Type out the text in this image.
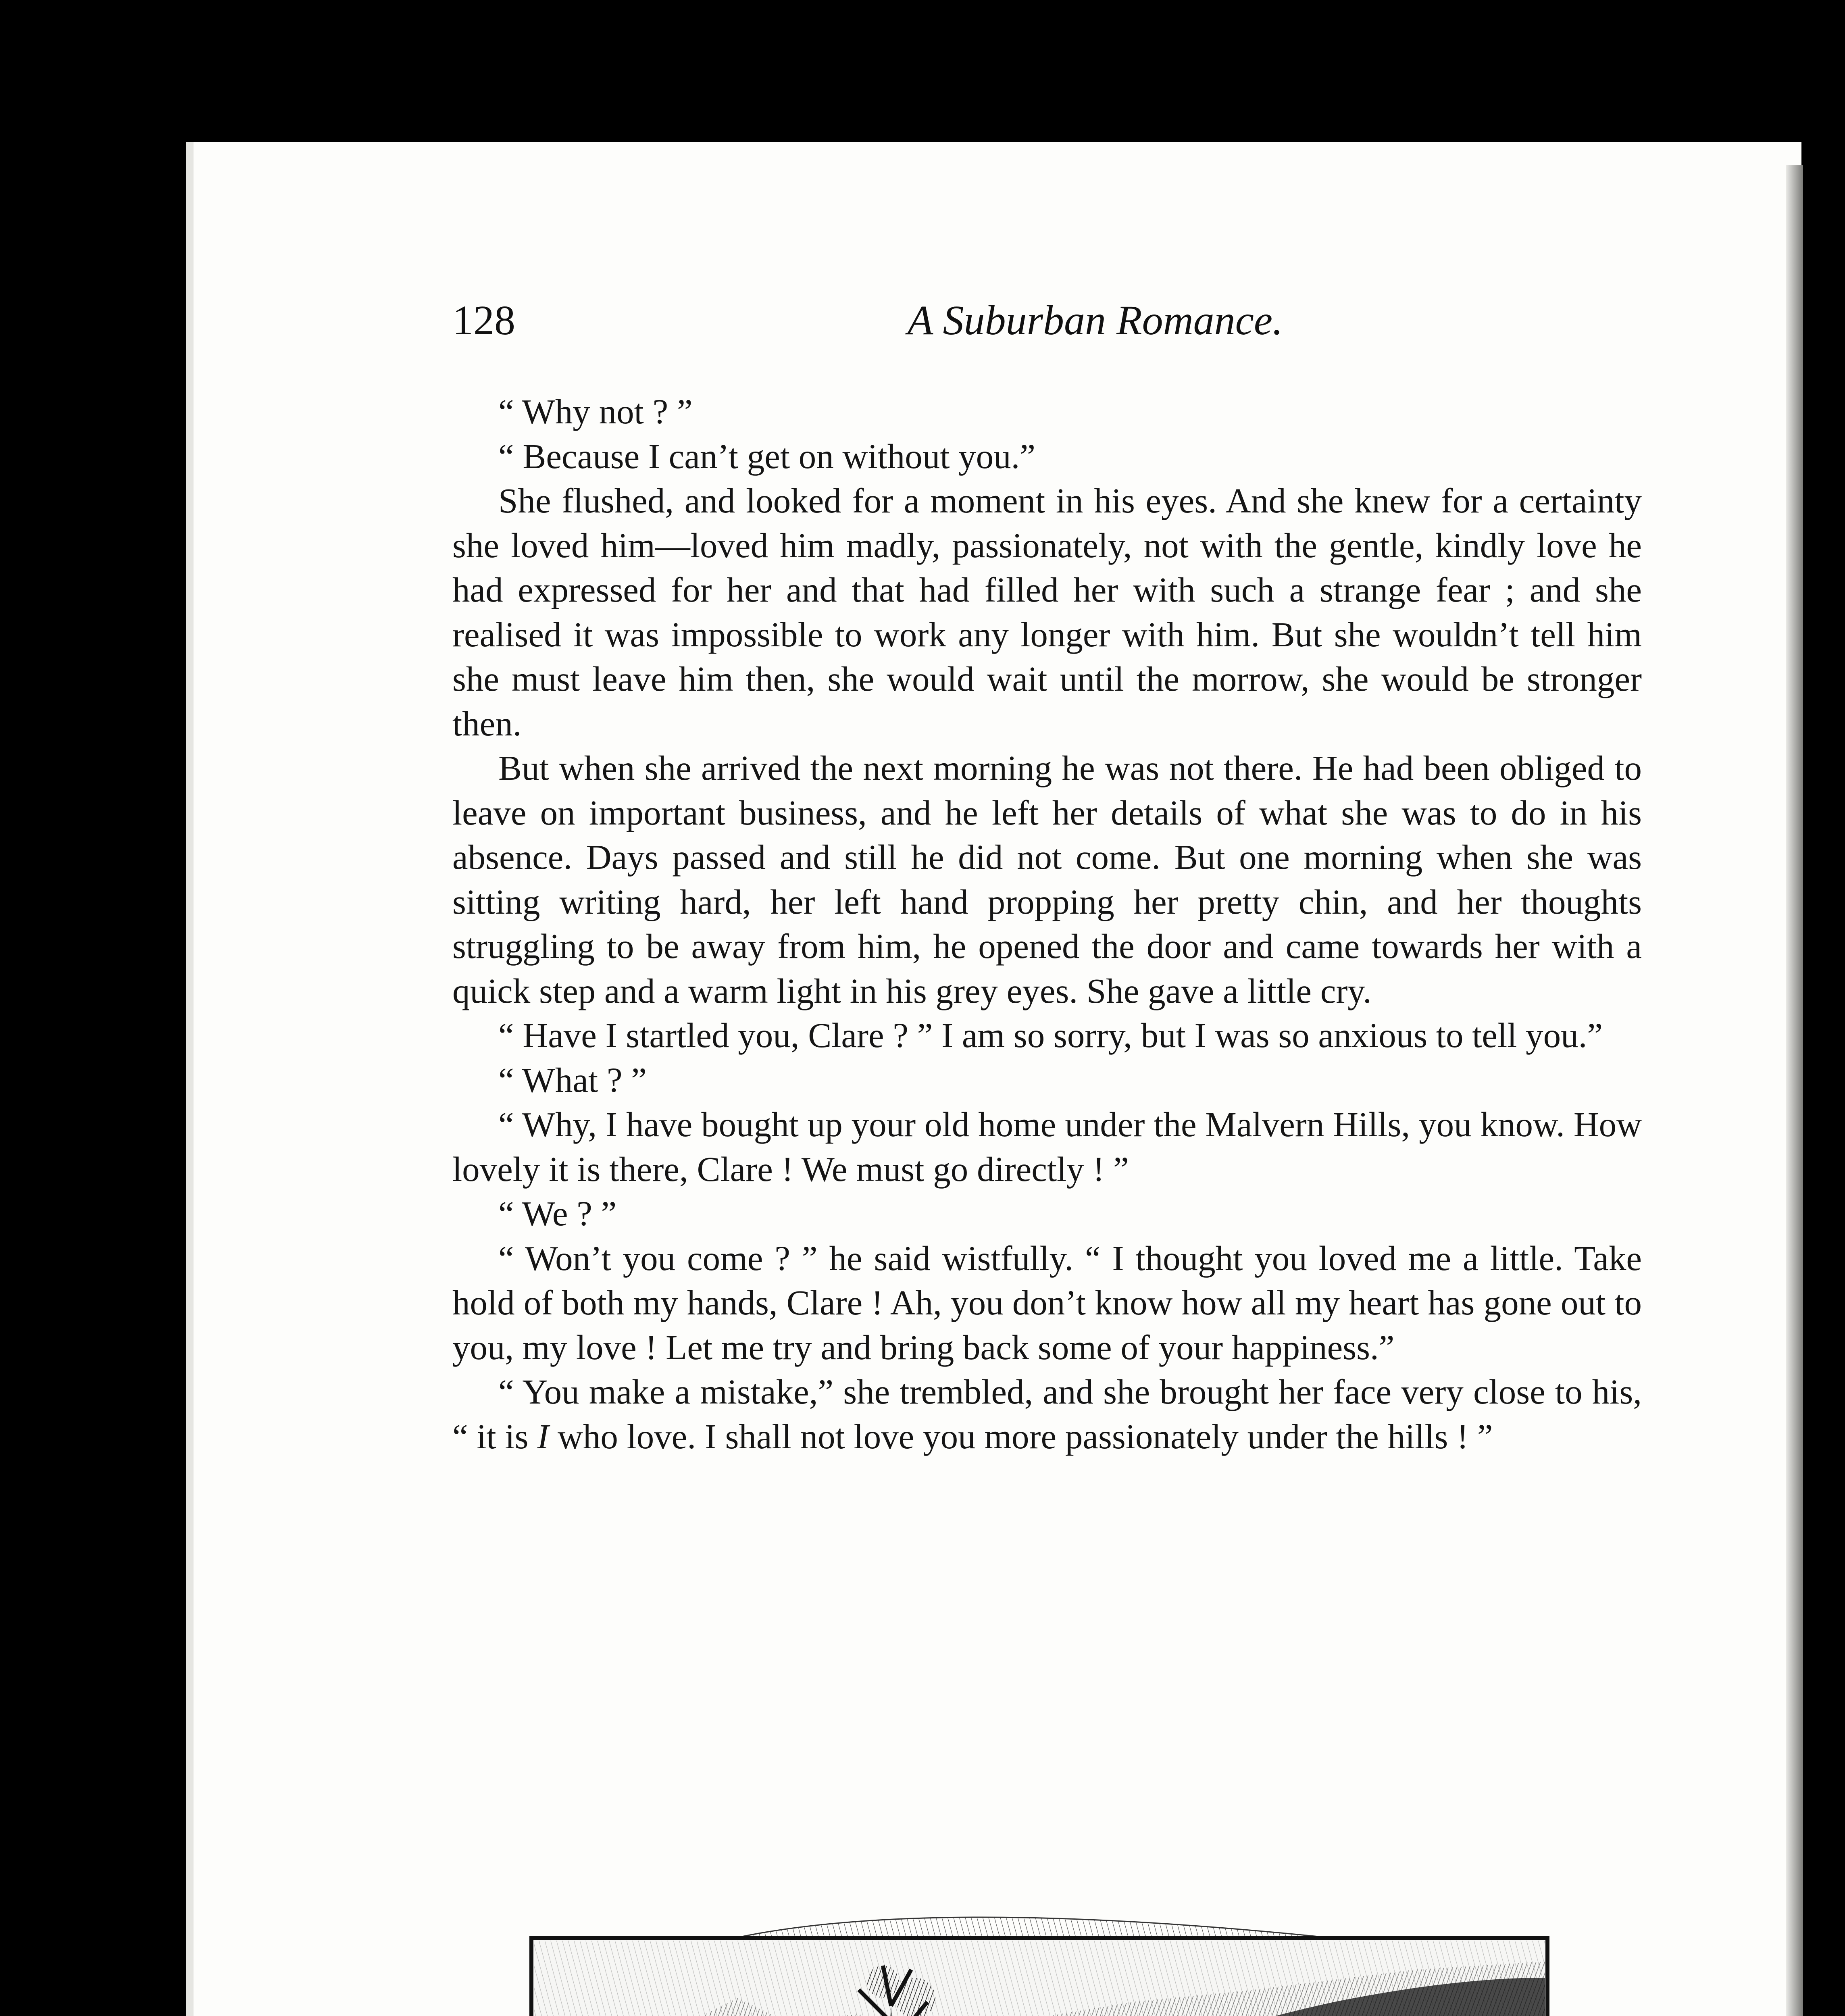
128	A Suburban Romance.

“ Why not ? ”

“ Because I can’t get on without you.”

She flushed, and looked for a moment in his eyes. And she knew for a certainty she loved him—loved him madly, passionately, not with the gentle, kindly love he had expressed for her and that had filled her with such a strange fear ; and she realised it was impossible to work any longer with him. But she wouldn’t tell him she must leave him then, she would wait until the morrow, she would be stronger then.

But when she arrived the next morning he was not there. He had been obliged to leave on important business, and he left her details of what she was to do in his absence. Days passed and still he did not come. But one morning when she was sitting writing hard, her left hand propping her pretty chin, and her thoughts struggling to be away from him, he opened the door and came towards her with a quick step and a warm light in his grey eyes. She gave a little cry.

“ Have I startled you, Clare ? ” I am so sorry, but I was so anxious to tell you.”

“ What ? ”

“ Why, I have bought up your old home under the Malvern Hills, you know. How lovely it is there, Clare ! We must go directly ! ”

“ We ? ”

“ Won’t you come ? ” he said wistfully. “ I thought you loved me a little. Take hold of both my hands, Clare ! Ah, you don’t know how all my heart has gone out to you, my love ! Let me try and bring back some of your happiness.”

“ You make a mistake,” she trembled, and she brought her face very close to his, “ it is I who love. I shall not love you more passionately under the hills ! ”
